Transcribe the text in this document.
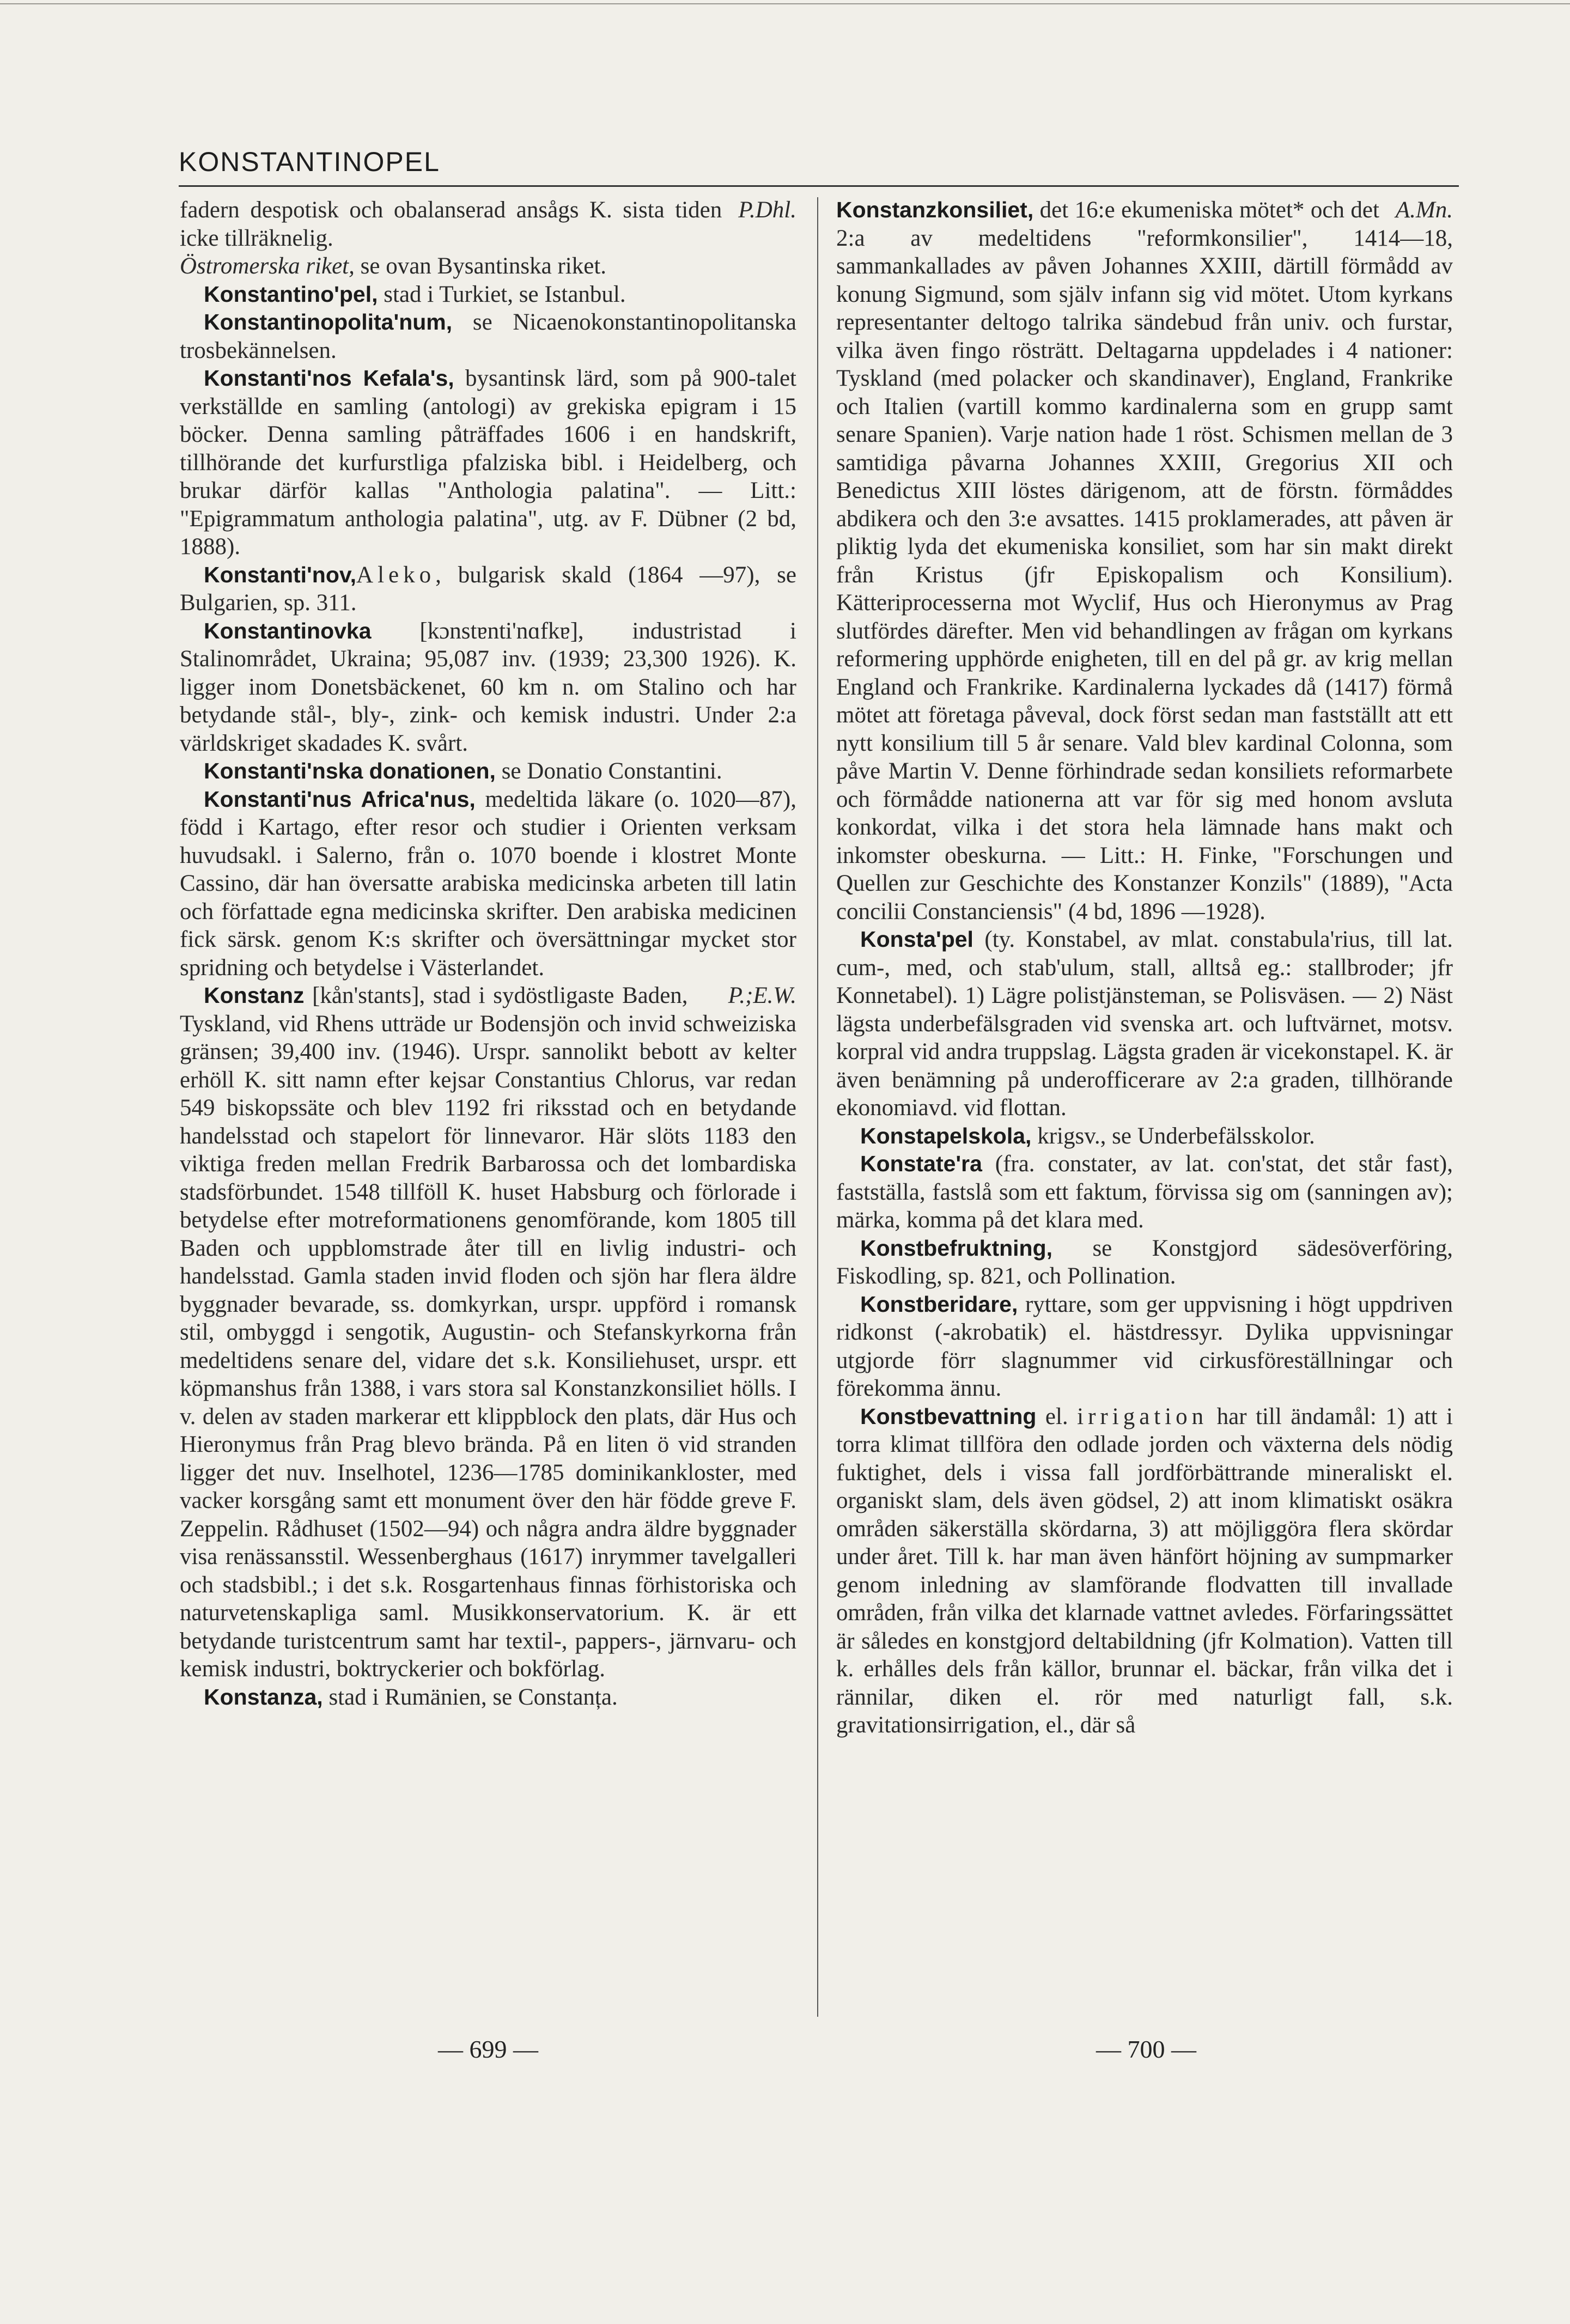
KONSTANTINOPEL

P.Dhl.
fadern despotisk och obalanserad ansågs K. sista tiden icke tillräknelig.

Östromerska riket, se ovan Bysantinska riket.

Konstantino'pel, stad i Turkiet, se Istanbul.

Konstantinopolita'num, se Nicaenokonstantinopolitanska trosbekännelsen.

Konstanti'nos Kefala's, bysantinsk lärd, som på 900-talet verkställde en samling (antologi) av grekiska epigram i 15 böcker. Denna samling påträffades 1606 i en handskrift, tillhörande det kurfurstliga pfalziska bibl. i Heidelberg, och brukar därför kallas "Anthologia palatina". — Litt.: "Epigrammatum anthologia palatina", utg. av F. Dübner (2 bd, 1888).

Konstanti'nov,Aleko, bulgarisk skald (1864 —97), se Bulgarien, sp. 311.

Konstantinovka [kɔnstɐnti'nɑfkɐ], industristad i Stalinområdet, Ukraina; 95,087 inv. (1939; 23,300 1926). K. ligger inom Donetsbäckenet, 60 km n. om Stalino och har betydande stål-, bly-, zink- och kemisk industri. Under 2:a världskriget skadades K. svårt.

Konstanti'nska donationen, se Donatio Constantini.

Konstanti'nus Africa'nus, medeltida läkare (o. 1020—87), född i Kartago, efter resor och studier i Orienten verksam huvudsakl. i Salerno, från o. 1070 boende i klostret Monte Cassino, där han översatte arabiska medicinska arbeten till latin och författade egna medicinska skrifter. Den arabiska medicinen fick särsk. genom K:s skrifter och översättningar mycket stor spridning och betydelse i Västerlandet.

P.;E.W.
Konstanz [kån'stants], stad i sydöstligaste Baden, Tyskland, vid Rhens utträde ur Bodensjön och invid schweiziska gränsen; 39,400 inv. (1946). Urspr. sannolikt bebott av kelter erhöll K. sitt namn efter kejsar Constantius Chlorus, var redan 549 biskopssäte och blev 1192 fri riksstad och en betydande handelsstad och stapelort för linnevaror. Här slöts 1183 den viktiga freden mellan Fredrik Barbarossa och det lombardiska stadsförbundet. 1548 tillföll K. huset Habsburg och förlorade i betydelse efter motreformationens genomförande, kom 1805 till Baden och uppblomstrade åter till en livlig industri- och handelsstad. Gamla staden invid floden och sjön har flera äldre byggnader bevarade, ss. domkyrkan, urspr. uppförd i romansk stil, ombyggd i sengotik, Augustin- och Stefanskyrkorna från medeltidens senare del, vidare det s.k. Konsiliehuset, urspr. ett köpmanshus från 1388, i vars stora sal Konstanzkonsiliet hölls. I v. delen av staden markerar ett klippblock den plats, där Hus och Hieronymus från Prag blevo brända. På en liten ö vid stranden ligger det nuv. Inselhotel, 1236—1785 dominikankloster, med vacker korsgång samt ett monument över den här födde greve F. Zeppelin. Rådhuset (1502—94) och några andra äldre byggnader visa renässansstil. Wessenberghaus (1617) inrymmer tavelgalleri och stadsbibl.; i det s.k. Rosgartenhaus finnas förhistoriska och naturvetenskapliga saml. Musikkonservatorium. K. är ett betydande turistcentrum samt har textil-, pappers-, järnvaru- och kemisk industri, boktryckerier och bokförlag.

Konstanza, stad i Rumänien, se Constanța.

A.Mn.
Konstanzkonsiliet, det 16:e ekumeniska mötet* och det 2:a av medeltidens "reformkonsilier", 1414—18, sammankallades av påven Johannes XXIII, därtill förmådd av konung Sigmund, som själv infann sig vid mötet. Utom kyrkans representanter deltogo talrika sändebud från univ. och furstar, vilka även fingo rösträtt. Deltagarna uppdelades i 4 nationer: Tyskland (med polacker och skandinaver), England, Frankrike och Italien (vartill kommo kardinalerna som en grupp samt senare Spanien). Varje nation hade 1 röst. Schismen mellan de 3 samtidiga påvarna Johannes XXIII, Gregorius XII och Benedictus XIII löstes därigenom, att de förstn. förmåddes abdikera och den 3:e avsattes. 1415 proklamerades, att påven är pliktig lyda det ekumeniska konsiliet, som har sin makt direkt från Kristus (jfr Episkopalism och Konsilium). Kätteriprocesserna mot Wyclif, Hus och Hieronymus av Prag slutfördes därefter. Men vid behandlingen av frågan om kyrkans reformering upphörde enigheten, till en del på gr. av krig mellan England och Frankrike. Kardinalerna lyckades då (1417) förmå mötet att företaga påveval, dock först sedan man fastställt att ett nytt konsilium till 5 år senare. Vald blev kardinal Colonna, som påve Martin V. Denne förhindrade sedan konsiliets reformarbete och förmådde nationerna att var för sig med honom avsluta konkordat, vilka i det stora hela lämnade hans makt och inkomster obeskurna. — Litt.: H. Finke, "Forschungen und Quellen zur Geschichte des Konstanzer Konzils" (1889), "Acta concilii Constanciensis" (4 bd, 1896 —1928).

Konsta'pel (ty. Konstabel, av mlat. constabula'rius, till lat. cum-, med, och stab'ulum, stall, alltså eg.: stallbroder; jfr Konnetabel). 1) Lägre polistjänsteman, se Polisväsen. — 2) Näst lägsta underbefälsgraden vid svenska art. och luftvärnet, motsv. korpral vid andra truppslag. Lägsta graden är vicekonstapel. K. är även benämning på underofficerare av 2:a graden, tillhörande ekonomiavd. vid flottan.

Konstapelskola, krigsv., se Underbefälsskolor.

Konstate'ra (fra. constater, av lat. con'stat, det står fast), fastställa, fastslå som ett faktum, förvissa sig om (sanningen av); märka, komma på det klara med.

Konstbefruktning, se Konstgjord sädesöverföring, Fiskodling, sp. 821, och Pollination.

Konstberidare, ryttare, som ger uppvisning i högt uppdriven ridkonst (-akrobatik) el. hästdressyr. Dylika uppvisningar utgjorde förr slagnummer vid cirkusföreställningar och förekomma ännu.

Konstbevattning el. irrigation har till ändamål: 1) att i torra klimat tillföra den odlade jorden och växterna dels nödig fuktighet, dels i vissa fall jordförbättrande mineraliskt el. organiskt slam, dels även gödsel, 2) att inom klimatiskt osäkra områden säkerställa skördarna, 3) att möjliggöra flera skördar under året. Till k. har man även hänfört höjning av sumpmarker genom inledning av slamförande flodvatten till invallade områden, från vilka det klarnade vattnet avledes. Förfaringssättet är således en konstgjord deltabildning (jfr Kolmation). Vatten till k. erhålles dels från källor, brunnar el. bäckar, från vilka det i rännilar, diken el. rör med naturligt fall, s.k. gravitationsirrigation, el., där så

— 699 —	— 700 —
